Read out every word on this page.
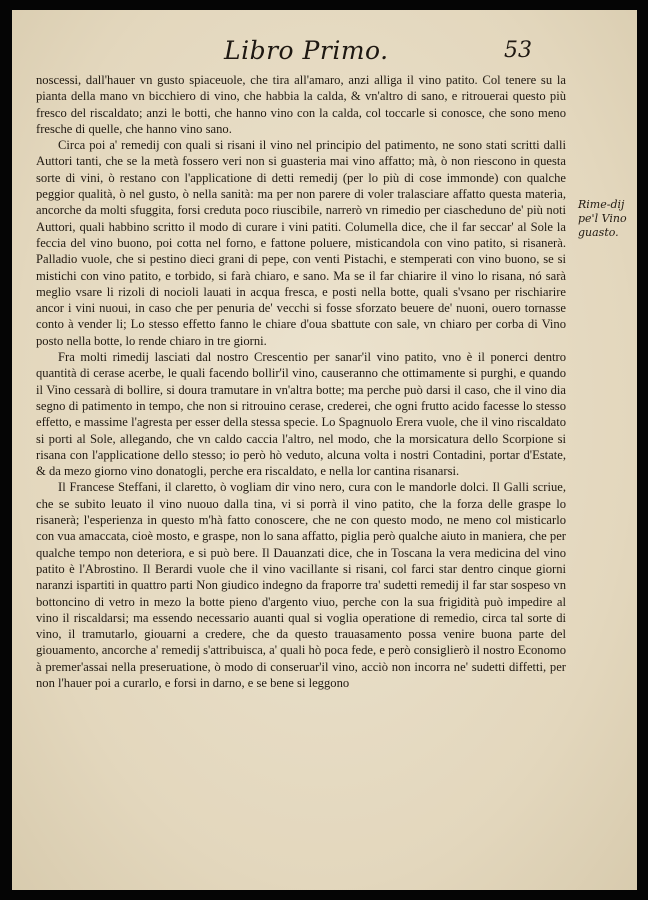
Libro Primo.	53

noscessi, dall'hauer vn gusto spiaceuole, che tira all'amaro, anzi alliga il vino patito. Col tenere su la pianta della mano vn bicchiero di vino, che habbia la calda, & vn'altro di sano, e ritrouerai questo più fresco del riscaldato; anzi le botti, che hanno vino con la calda, col toccarle si conosce, che sono meno fresche di quelle, che hanno vino sano.

Circa poi a' remedij con quali si risani il vino nel principio del patimento, ne sono stati scritti dalli Auttori tanti, che se la metà fossero veri non si guasteria mai vino affatto; mà, ò non riescono in questa sorte di vini, ò restano con l'applicatione di detti remedij (per lo più di cose immonde) con qualche peggior qualità, ò nel gusto, ò nella sanità: ma per non parere di voler tralasciare affatto questa materia, ancorche da molti sfuggita, forsi creduta poco riuscibile, narrerò vn rimedio per ciascheduno de' più noti Auttori, quali habbino scritto il modo di curare i vini patiti. Columella dice, che il far seccar' al Sole la feccia del vino buono, poi cotta nel forno, e fattone poluere, misticandola con vino patito, si risanerà. Palladio vuole, che si pestino dieci grani di pepe, con venti Pistachi, e stemperati con vino buono, se si mistichi con vino patito, e torbido, si farà chiaro, e sano. Ma se il far chiarire il vino lo risana, nó sarà meglio vsare li rizoli di nocioli lauati in acqua fresca, e posti nella botte, quali s'vsano per rischiarire ancor i vini nuoui, in caso che per penuria de' vecchi si fosse sforzato beuere de' nuoni, ouero tornasse conto à vender li; Lo stesso effetto fanno le chiare d'oua sbattute con sale, vn chiaro per corba di Vino posto nella botte, lo rende chiaro in tre giorni.

Fra molti rimedij lasciati dal nostro Crescentio per sanar'il vino patito, vno è il ponerci dentro quantità di cerase acerbe, le quali facendo bollir'il vino, causeranno che ottimamente si purghi, e quando il Vino cessarà di bollire, si doura tramutare in vn'altra botte; ma perche può darsi il caso, che il vino dia segno di patimento in tempo, che non si ritrouino cerase, crederei, che ogni frutto acido facesse lo stesso effetto, e massime l'agresta per esser della stessa specie. Lo Spagnuolo Erera vuole, che il vino riscaldato si porti al Sole, allegando, che vn caldo caccia l'altro, nel modo, che la morsicatura dello Scorpione si risana con l'applicatione dello stesso; io però hò veduto, alcuna volta i nostri Contadini, portar d'Estate, & da mezo giorno vino donatogli, perche era riscaldato, e nella lor cantina risanarsi.

Il Francese Steffani, il claretto, ò vogliam dir vino nero, cura con le mandorle dolci. Il Galli scriue, che se subito leuato il vino nuouo dalla tina, vi si porrà il vino patito, che la forza delle graspe lo risanerà; l'esperienza in questo m'hà fatto conoscere, che ne con questo modo, ne meno col misticarlo con vua amaccata, cioè mosto, e graspe, non lo sana affatto, piglia però qualche aiuto in maniera, che per qualche tempo non deteriora, e si può bere. Il Dauanzati dice, che in Toscana la vera medicina del vino patito è l'Abrostino. Il Berardi vuole che il vino vacillante si risani, col farci star dentro cinque giorni naranzi ispartiti in quattro parti Non giudico indegno da fraporre tra' sudetti remedij il far star sospeso vn bottoncino di vetro in mezo la botte pieno d'argento viuo, perche con la sua frigidità può impedire al vino il riscaldarsi; ma essendo necessario auanti qual si voglia operatione di remedio, circa tal sorte di vino, il tramutarlo, giouarni a credere, che da questo trauasamento possa venire buona parte del giouamento, ancorche a' remedij s'attribuisca, a' quali hò poca fede, e però consiglierò il nostro Economo à premer'assai nella preseruatione, ò modo di conseruar'il vino, acciò non incorra ne' sudetti diffetti, per non l'hauer poi a curarlo, e forsi in darno, e se bene si leggono

Rime-dij pe'l Vino guasto.
